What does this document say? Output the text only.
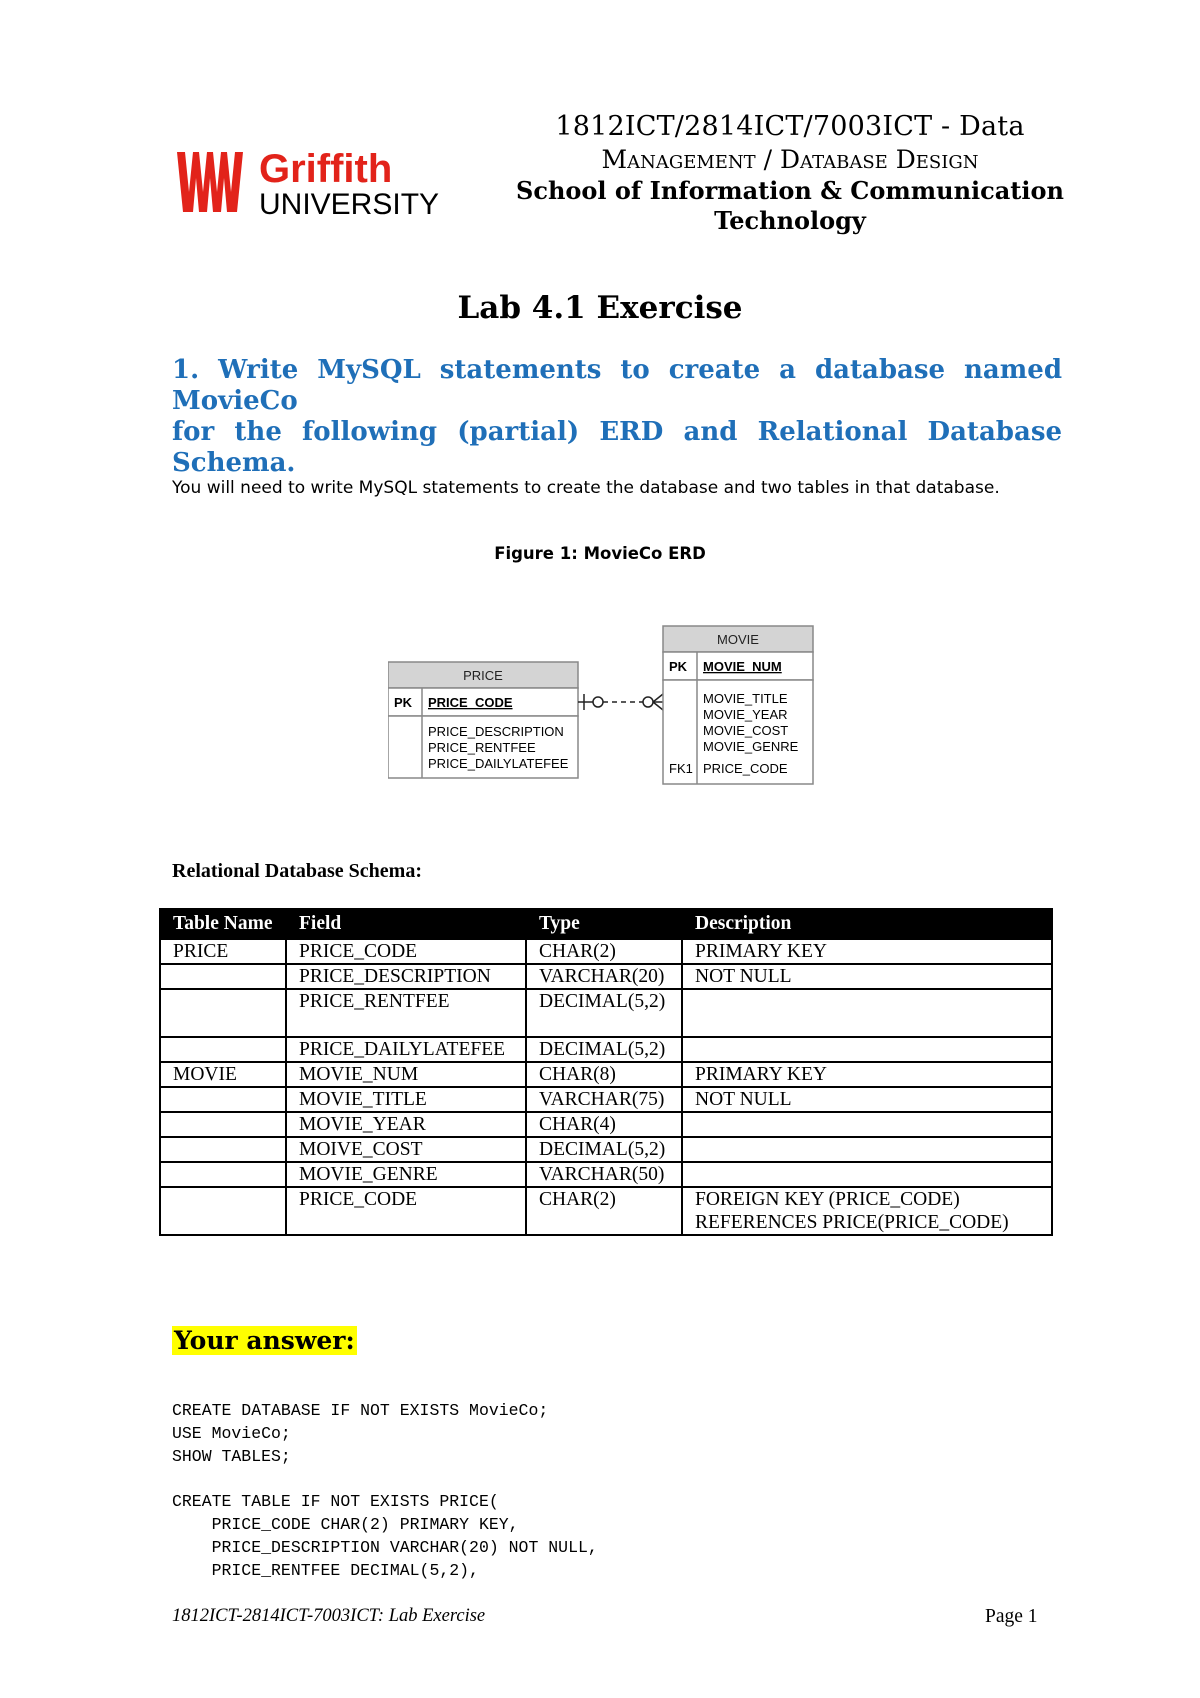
Griffith
UNIVERSITY
1812ICT/2814ICT/7003ICT - Data
Management / Database Design
School of Information & Communication Technology
Lab 4.1 Exercise
1. Write MySQL statements to create a database named MovieCo
for the following (partial) ERD and Relational Database
Schema.
You will need to write MySQL statements to create the database and two tables in that database.
Figure 1: MovieCo ERD
PRICE
PK PRICE_CODE
PRICE_DESCRIPTION
PRICE_RENTFEE
PRICE_DAILYLATEFEE
MOVIE
PK MOVIE_NUM
MOVIE_TITLE
MOVIE_YEAR
MOVIE_COST
MOVIE_GENRE
FK1 PRICE_CODE
Relational Database Schema:
Table Name	Field	Type	Description
PRICE	PRICE_CODE	CHAR(2)	PRIMARY KEY
	PRICE_DESCRIPTION	VARCHAR(20)	NOT NULL
	PRICE_RENTFEE	DECIMAL(5,2)	
	PRICE_DAILYLATEFEE	DECIMAL(5,2)	
MOVIE	MOVIE_NUM	CHAR(8)	PRIMARY KEY
	MOVIE_TITLE	VARCHAR(75)	NOT NULL
	MOVIE_YEAR	CHAR(4)	
	MOIVE_COST	DECIMAL(5,2)	
	MOVIE_GENRE	VARCHAR(50)	
	PRICE_CODE	CHAR(2)	FOREIGN KEY (PRICE_CODE) REFERENCES PRICE(PRICE_CODE)
Your answer:
CREATE DATABASE IF NOT EXISTS MovieCo;
USE MovieCo;
SHOW TABLES;

CREATE TABLE IF NOT EXISTS PRICE(
PRICE_CODE CHAR(2) PRIMARY KEY,
PRICE_DESCRIPTION VARCHAR(20) NOT NULL,
PRICE_RENTFEE DECIMAL(5,2),
1812ICT-2814ICT-7003ICT: Lab Exercise	Page 1
